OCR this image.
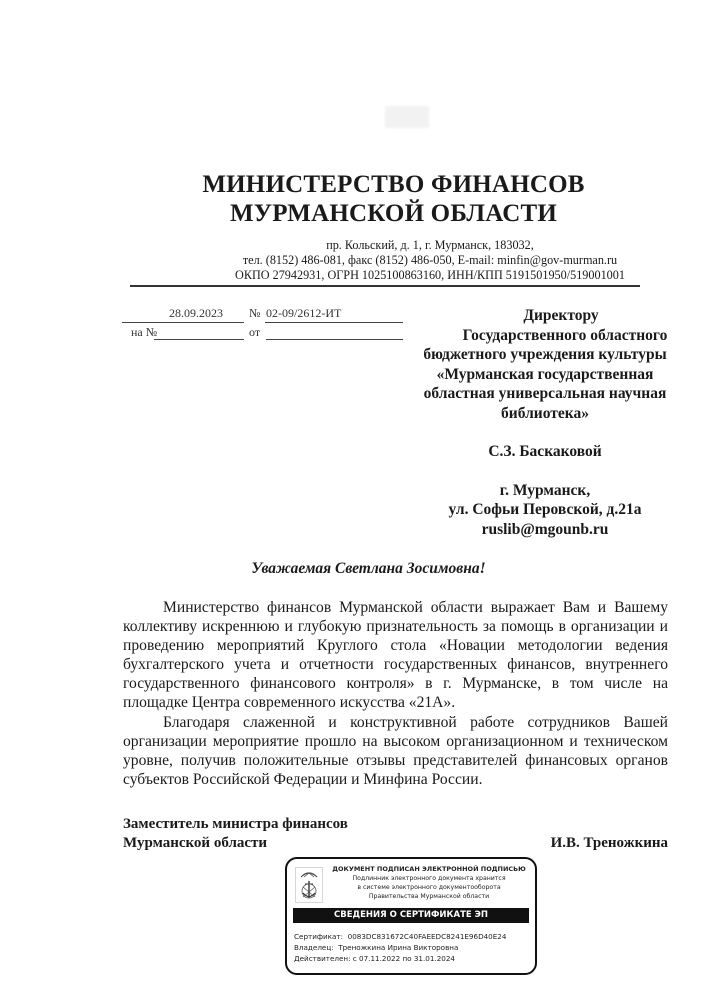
МИНИСТЕРСТВО ФИНАНСОВ
МУРМАНСКОЙ ОБЛАСТИ
пр. Кольский, д. 1, г. Мурманск, 183032,
тел. (8152) 486-081, факс (8152) 486-050, E-mail: minfin@gov-murman.ru
ОКПО 27942931, ОГРН 1025100863160, ИНН/КПП 5191501950/519001001
28.09.2023	№ 02-09/2612-ИТ
на №	от
Директору
Государственного областного
бюджетного учреждения культуры
«Мурманская государственная
областная универсальная научная
библиотека»
С.З. Баскаковой
г. Мурманск,
ул. Софьи Перовской, д.21а
ruslib@mgounb.ru
Уважаемая Светлана Зосимовна!

Министерство финансов Мурманской области выражает Вам и Вашему коллективу искреннюю и глубокую признательность за помощь в организации и проведению мероприятий Круглого стола «Новации методологии ведения бухгалтерского учета и отчетности государственных финансов, внутреннего государственного финансового контроля» в г. Мурманске, в том числе на площадке Центра современного искусства «21А».

Благодаря слаженной и конструктивной работе сотрудников Вашей организации мероприятие прошло на высоком организационном и техническом уровне, получив положительные отзывы представителей финансовых органов субъектов Российской Федерации и Минфина России.

Заместитель министра финансов
Мурманской области	И.В. Треножкина
ДОКУМЕНТ ПОДПИСАН ЭЛЕКТРОННОЙ ПОДПИСЬЮ
Подлинник электронного документа хранится
в системе электронного документооборота
Правительства Мурманской области
СВЕДЕНИЯ О СЕРТИФИКАТЕ ЭП
Сертификат: 0083DC831672C40FAEEDC8241E96D40E24
Владелец: Треножкина Ирина Викторовна
Действителен: с 07.11.2022 по 31.01.2024
